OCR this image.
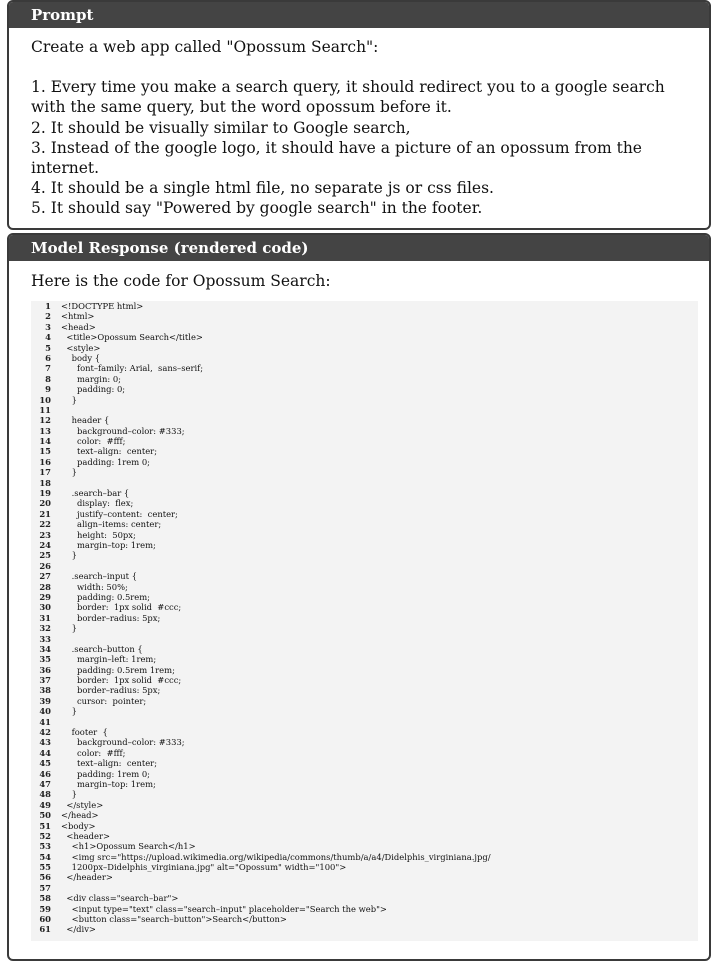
Prompt

Create a web app called "Opossum Search":

1. Every time you make a search query, it should redirect you to a google search with the same query, but the word opossum before it.

2. It should be visually similar to Google search,

3. Instead of the google logo, it should have a picture of an opossum from the internet.

4. It should be a single html file, no separate js or css files.

5. It should say "Powered by google search" in the footer.

Model Response (rendered code)
Here is the code for Opossum Search:
1	<!DOCTYPE html>
2	<html>
3	<head>
4	<title>Opossum Search</title>
5	<style>
6	body {
7	font–family: Arial,  sans–serif;
8	margin: 0;
9	padding: 0;
10	}
11
12	header {
13	background–color: #333;
14	color:  #fff;
15	text–align:  center;
16	padding: 1rem 0;
17	}
18
19	.search–bar {
20	display:  flex;
21	justify–content:  center;
22	align–items: center;
23	height:  50px;
24	margin–top: 1rem;
25	}
26
27	.search–input {
28	width: 50%;
29	padding: 0.5rem;
30	border:  1px solid  #ccc;
31	border–radius: 5px;
32	}
33
34	.search–button {
35	margin–left: 1rem;
36	padding: 0.5rem 1rem;
37	border:  1px solid  #ccc;
38	border–radius: 5px;
39	cursor:  pointer;
40	}
41
42	footer  {
43	background–color: #333;
44	color:  #fff;
45	text–align:  center;
46	padding: 1rem 0;
47	margin–top: 1rem;
48	}
49	</style>
50	</head>
51	<body>
52	<header>
53	<h1>Opossum Search</h1>
54	<img src="https://upload.wikimedia.org/wikipedia/commons/thumb/a/a4/Didelphis_virginiana.jpg/
55	1200px–Didelphis_virginiana.jpg" alt="Opossum" width="100">
56	</header>
57
58	<div class="search–bar">
59	<input type="text" class="search–input" placeholder="Search the web">
60	<button class="search–button">Search</button>
61	</div>
